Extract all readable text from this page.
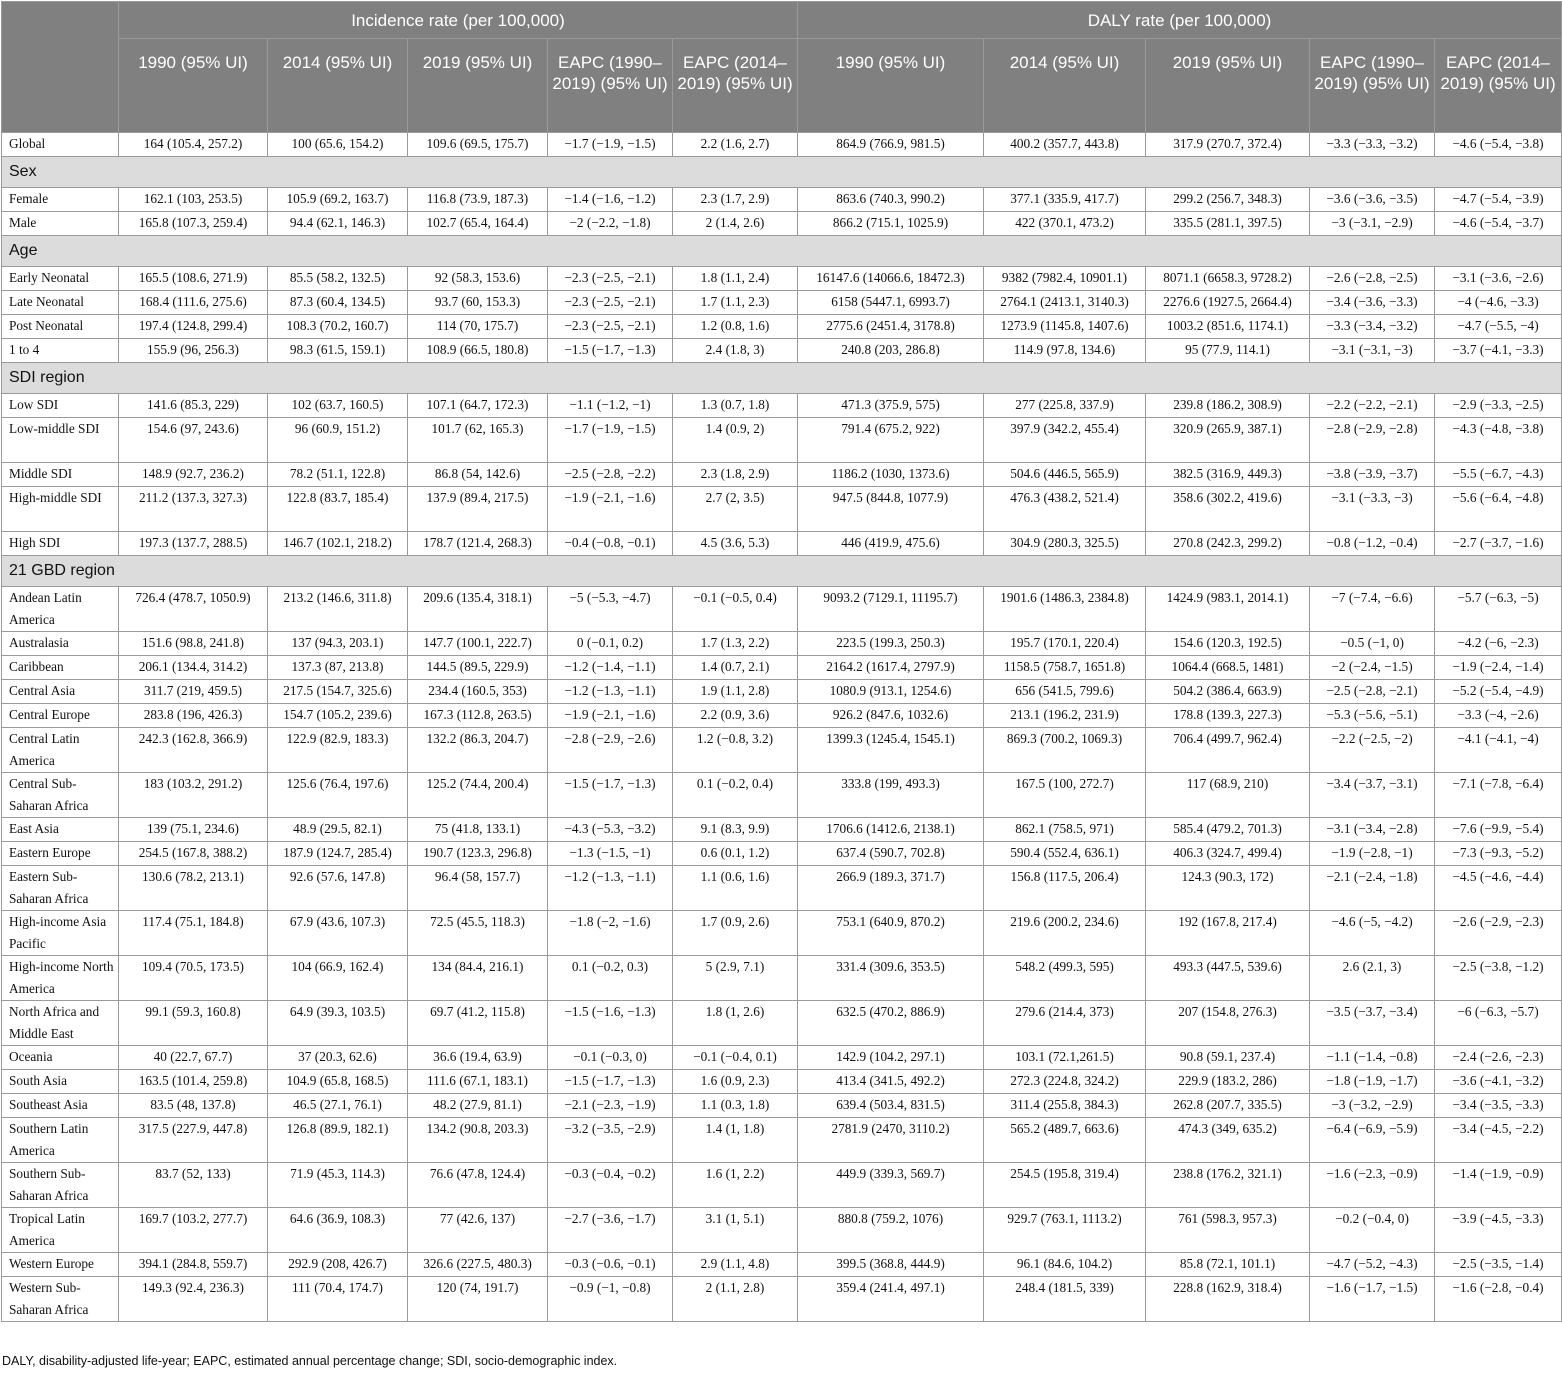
	Incidence rate (per 100,000)					DALY rate (per 100,000)				
	1990 (95% UI)	2014 (95% UI)	2019 (95% UI)	EAPC (1990–2019) (95% UI)	EAPC (2014–2019) (95% UI)	1990 (95% UI)	2014 (95% UI)	2019 (95% UI)	EAPC (1990–2019) (95% UI)	EAPC (2014–2019) (95% UI)
Global	164 (105.4, 257.2)	100 (65.6, 154.2)	109.6 (69.5, 175.7)	−1.7 (−1.9, −1.5)	2.2 (1.6, 2.7)	864.9 (766.9, 981.5)	400.2 (357.7, 443.8)	317.9 (270.7, 372.4)	−3.3 (−3.3, −3.2)	−4.6 (−5.4, −3.8)
Sex										
Female	162.1 (103, 253.5)	105.9 (69.2, 163.7)	116.8 (73.9, 187.3)	−1.4 (−1.6, −1.2)	2.3 (1.7, 2.9)	863.6 (740.3, 990.2)	377.1 (335.9, 417.7)	299.2 (256.7, 348.3)	−3.6 (−3.6, −3.5)	−4.7 (−5.4, −3.9)
Male	165.8 (107.3, 259.4)	94.4 (62.1, 146.3)	102.7 (65.4, 164.4)	−2 (−2.2, −1.8)	2 (1.4, 2.6)	866.2 (715.1, 1025.9)	422 (370.1, 473.2)	335.5 (281.1, 397.5)	−3 (−3.1, −2.9)	−4.6 (−5.4, −3.7)
Age										
Early Neonatal	165.5 (108.6, 271.9)	85.5 (58.2, 132.5)	92 (58.3, 153.6)	−2.3 (−2.5, −2.1)	1.8 (1.1, 2.4)	16147.6 (14066.6, 18472.3)	9382 (7982.4, 10901.1)	8071.1 (6658.3, 9728.2)	−2.6 (−2.8, −2.5)	−3.1 (−3.6, −2.6)
Late Neonatal	168.4 (111.6, 275.6)	87.3 (60.4, 134.5)	93.7 (60, 153.3)	−2.3 (−2.5, −2.1)	1.7 (1.1, 2.3)	6158 (5447.1, 6993.7)	2764.1 (2413.1, 3140.3)	2276.6 (1927.5, 2664.4)	−3.4 (−3.6, −3.3)	−4 (−4.6, −3.3)
Post Neonatal	197.4 (124.8, 299.4)	108.3 (70.2, 160.7)	114 (70, 175.7)	−2.3 (−2.5, −2.1)	1.2 (0.8, 1.6)	2775.6 (2451.4, 3178.8)	1273.9 (1145.8, 1407.6)	1003.2 (851.6, 1174.1)	−3.3 (−3.4, −3.2)	−4.7 (−5.5, −4)
1 to 4	155.9 (96, 256.3)	98.3 (61.5, 159.1)	108.9 (66.5, 180.8)	−1.5 (−1.7, −1.3)	2.4 (1.8, 3)	240.8 (203, 286.8)	114.9 (97.8, 134.6)	95 (77.9, 114.1)	−3.1 (−3.1, −3)	−3.7 (−4.1, −3.3)
SDI region										
Low SDI	141.6 (85.3, 229)	102 (63.7, 160.5)	107.1 (64.7, 172.3)	−1.1 (−1.2, −1)	1.3 (0.7, 1.8)	471.3 (375.9, 575)	277 (225.8, 337.9)	239.8 (186.2, 308.9)	−2.2 (−2.2, −2.1)	−2.9 (−3.3, −2.5)
Low-middle SDI	154.6 (97, 243.6)	96 (60.9, 151.2)	101.7 (62, 165.3)	−1.7 (−1.9, −1.5)	1.4 (0.9, 2)	791.4 (675.2, 922)	397.9 (342.2, 455.4)	320.9 (265.9, 387.1)	−2.8 (−2.9, −2.8)	−4.3 (−4.8, −3.8)
Middle SDI	148.9 (92.7, 236.2)	78.2 (51.1, 122.8)	86.8 (54, 142.6)	−2.5 (−2.8, −2.2)	2.3 (1.8, 2.9)	1186.2 (1030, 1373.6)	504.6 (446.5, 565.9)	382.5 (316.9, 449.3)	−3.8 (−3.9, −3.7)	−5.5 (−6.7, −4.3)
High-middle SDI	211.2 (137.3, 327.3)	122.8 (83.7, 185.4)	137.9 (89.4, 217.5)	−1.9 (−2.1, −1.6)	2.7 (2, 3.5)	947.5 (844.8, 1077.9)	476.3 (438.2, 521.4)	358.6 (302.2, 419.6)	−3.1 (−3.3, −3)	−5.6 (−6.4, −4.8)
High SDI	197.3 (137.7, 288.5)	146.7 (102.1, 218.2)	178.7 (121.4, 268.3)	−0.4 (−0.8, −0.1)	4.5 (3.6, 5.3)	446 (419.9, 475.6)	304.9 (280.3, 325.5)	270.8 (242.3, 299.2)	−0.8 (−1.2, −0.4)	−2.7 (−3.7, −1.6)
21 GBD region										
Andean Latin America	726.4 (478.7, 1050.9)	213.2 (146.6, 311.8)	209.6 (135.4, 318.1)	−5 (−5.3, −4.7)	−0.1 (−0.5, 0.4)	9093.2 (7129.1, 11195.7)	1901.6 (1486.3, 2384.8)	1424.9 (983.1, 2014.1)	−7 (−7.4, −6.6)	−5.7 (−6.3, −5)
Australasia	151.6 (98.8, 241.8)	137 (94.3, 203.1)	147.7 (100.1, 222.7)	0 (−0.1, 0.2)	1.7 (1.3, 2.2)	223.5 (199.3, 250.3)	195.7 (170.1, 220.4)	154.6 (120.3, 192.5)	−0.5 (−1, 0)	−4.2 (−6, −2.3)
Caribbean	206.1 (134.4, 314.2)	137.3 (87, 213.8)	144.5 (89.5, 229.9)	−1.2 (−1.4, −1.1)	1.4 (0.7, 2.1)	2164.2 (1617.4, 2797.9)	1158.5 (758.7, 1651.8)	1064.4 (668.5, 1481)	−2 (−2.4, −1.5)	−1.9 (−2.4, −1.4)
Central Asia	311.7 (219, 459.5)	217.5 (154.7, 325.6)	234.4 (160.5, 353)	−1.2 (−1.3, −1.1)	1.9 (1.1, 2.8)	1080.9 (913.1, 1254.6)	656 (541.5, 799.6)	504.2 (386.4, 663.9)	−2.5 (−2.8, −2.1)	−5.2 (−5.4, −4.9)
Central Europe	283.8 (196, 426.3)	154.7 (105.2, 239.6)	167.3 (112.8, 263.5)	−1.9 (−2.1, −1.6)	2.2 (0.9, 3.6)	926.2 (847.6, 1032.6)	213.1 (196.2, 231.9)	178.8 (139.3, 227.3)	−5.3 (−5.6, −5.1)	−3.3 (−4, −2.6)
Central Latin America	242.3 (162.8, 366.9)	122.9 (82.9, 183.3)	132.2 (86.3, 204.7)	−2.8 (−2.9, −2.6)	1.2 (−0.8, 3.2)	1399.3 (1245.4, 1545.1)	869.3 (700.2, 1069.3)	706.4 (499.7, 962.4)	−2.2 (−2.5, −2)	−4.1 (−4.1, −4)
Central Sub-Saharan Africa	183 (103.2, 291.2)	125.6 (76.4, 197.6)	125.2 (74.4, 200.4)	−1.5 (−1.7, −1.3)	0.1 (−0.2, 0.4)	333.8 (199, 493.3)	167.5 (100, 272.7)	117 (68.9, 210)	−3.4 (−3.7, −3.1)	−7.1 (−7.8, −6.4)
East Asia	139 (75.1, 234.6)	48.9 (29.5, 82.1)	75 (41.8, 133.1)	−4.3 (−5.3, −3.2)	9.1 (8.3, 9.9)	1706.6 (1412.6, 2138.1)	862.1 (758.5, 971)	585.4 (479.2, 701.3)	−3.1 (−3.4, −2.8)	−7.6 (−9.9, −5.4)
Eastern Europe	254.5 (167.8, 388.2)	187.9 (124.7, 285.4)	190.7 (123.3, 296.8)	−1.3 (−1.5, −1)	0.6 (0.1, 1.2)	637.4 (590.7, 702.8)	590.4 (552.4, 636.1)	406.3 (324.7, 499.4)	−1.9 (−2.8, −1)	−7.3 (−9.3, −5.2)
Eastern Sub-Saharan Africa	130.6 (78.2, 213.1)	92.6 (57.6, 147.8)	96.4 (58, 157.7)	−1.2 (−1.3, −1.1)	1.1 (0.6, 1.6)	266.9 (189.3, 371.7)	156.8 (117.5, 206.4)	124.3 (90.3, 172)	−2.1 (−2.4, −1.8)	−4.5 (−4.6, −4.4)
High-income Asia Pacific	117.4 (75.1, 184.8)	67.9 (43.6, 107.3)	72.5 (45.5, 118.3)	−1.8 (−2, −1.6)	1.7 (0.9, 2.6)	753.1 (640.9, 870.2)	219.6 (200.2, 234.6)	192 (167.8, 217.4)	−4.6 (−5, −4.2)	−2.6 (−2.9, −2.3)
High-income North America	109.4 (70.5, 173.5)	104 (66.9, 162.4)	134 (84.4, 216.1)	0.1 (−0.2, 0.3)	5 (2.9, 7.1)	331.4 (309.6, 353.5)	548.2 (499.3, 595)	493.3 (447.5, 539.6)	2.6 (2.1, 3)	−2.5 (−3.8, −1.2)
North Africa and Middle East	99.1 (59.3, 160.8)	64.9 (39.3, 103.5)	69.7 (41.2, 115.8)	−1.5 (−1.6, −1.3)	1.8 (1, 2.6)	632.5 (470.2, 886.9)	279.6 (214.4, 373)	207 (154.8, 276.3)	−3.5 (−3.7, −3.4)	−6 (−6.3, −5.7)
Oceania	40 (22.7, 67.7)	37 (20.3, 62.6)	36.6 (19.4, 63.9)	−0.1 (−0.3, 0)	−0.1 (−0.4, 0.1)	142.9 (104.2, 297.1)	103.1 (72.1,261.5)	90.8 (59.1, 237.4)	−1.1 (−1.4, −0.8)	−2.4 (−2.6, −2.3)
South Asia	163.5 (101.4, 259.8)	104.9 (65.8, 168.5)	111.6 (67.1, 183.1)	−1.5 (−1.7, −1.3)	1.6 (0.9, 2.3)	413.4 (341.5, 492.2)	272.3 (224.8, 324.2)	229.9 (183.2, 286)	−1.8 (−1.9, −1.7)	−3.6 (−4.1, −3.2)
Southeast Asia	83.5 (48, 137.8)	46.5 (27.1, 76.1)	48.2 (27.9, 81.1)	−2.1 (−2.3, −1.9)	1.1 (0.3, 1.8)	639.4 (503.4, 831.5)	311.4 (255.8, 384.3)	262.8 (207.7, 335.5)	−3 (−3.2, −2.9)	−3.4 (−3.5, −3.3)
Southern Latin America	317.5 (227.9, 447.8)	126.8 (89.9, 182.1)	134.2 (90.8, 203.3)	−3.2 (−3.5, −2.9)	1.4 (1, 1.8)	2781.9 (2470, 3110.2)	565.2 (489.7, 663.6)	474.3 (349, 635.2)	−6.4 (−6.9, −5.9)	−3.4 (−4.5, −2.2)
Southern Sub-Saharan Africa	83.7 (52, 133)	71.9 (45.3, 114.3)	76.6 (47.8, 124.4)	−0.3 (−0.4, −0.2)	1.6 (1, 2.2)	449.9 (339.3, 569.7)	254.5 (195.8, 319.4)	238.8 (176.2, 321.1)	−1.6 (−2.3, −0.9)	−1.4 (−1.9, −0.9)
Tropical Latin America	169.7 (103.2, 277.7)	64.6 (36.9, 108.3)	77 (42.6, 137)	−2.7 (−3.6, −1.7)	3.1 (1, 5.1)	880.8 (759.2, 1076)	929.7 (763.1, 1113.2)	761 (598.3, 957.3)	−0.2 (−0.4, 0)	−3.9 (−4.5, −3.3)
Western Europe	394.1 (284.8, 559.7)	292.9 (208, 426.7)	326.6 (227.5, 480.3)	−0.3 (−0.6, −0.1)	2.9 (1.1, 4.8)	399.5 (368.8, 444.9)	96.1 (84.6, 104.2)	85.8 (72.1, 101.1)	−4.7 (−5.2, −4.3)	−2.5 (−3.5, −1.4)
Western Sub-Saharan Africa	149.3 (92.4, 236.3)	111 (70.4, 174.7)	120 (74, 191.7)	−0.9 (−1, −0.8)	2 (1.1, 2.8)	359.4 (241.4, 497.1)	248.4 (181.5, 339)	228.8 (162.9, 318.4)	−1.6 (−1.7, −1.5)	−1.6 (−2.8, −0.4)
DALY, disability-adjusted life-year; EAPC, estimated annual percentage change; SDI, socio-demographic index.
